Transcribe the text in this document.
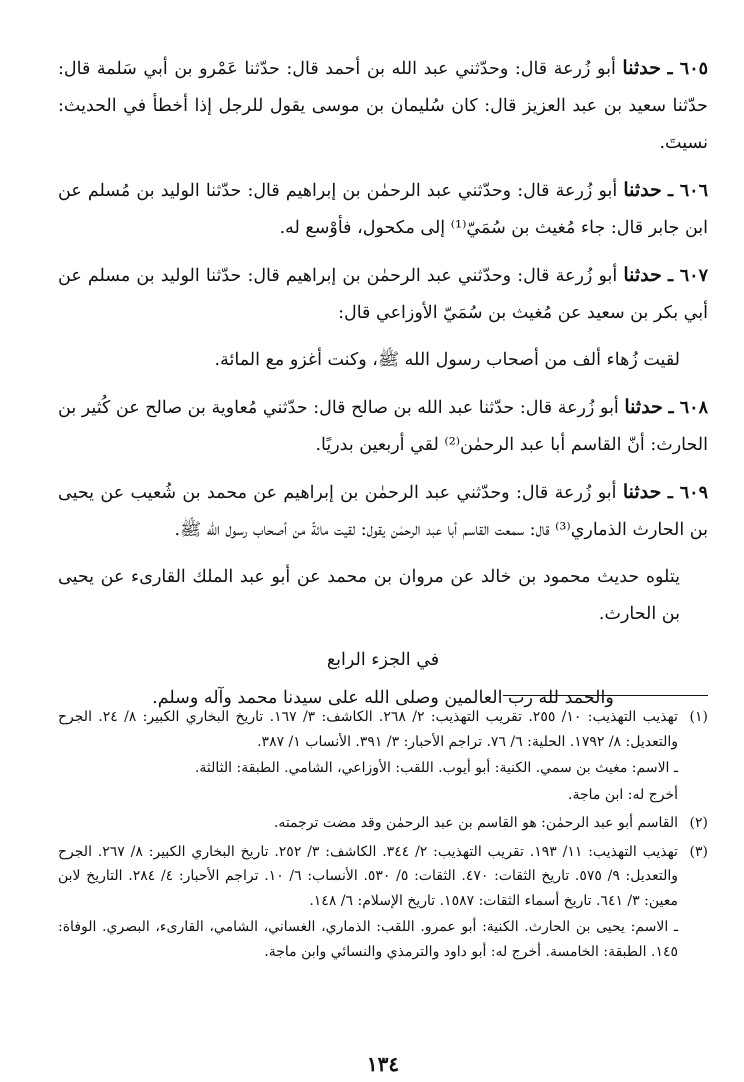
٦٠٥ ـ حدثنا أبو زُرعة قال: وحدّثني عبد الله بن أحمد قال: حدّثنا عَمْرو بن أبي سَلمة قال: حدّثنا سعيد بن عبد العزيز قال: كان سُليمان بن موسى يقول للرجل إذا أخطأ في الحديث: نسيتَ.

٦٠٦ ـ حدثنا أبو زُرعة قال: وحدّثني عبد الرحمٰن بن إبراهيم قال: حدّثنا الوليد بن مُسلم عن ابن جابر قال: جاء مُغيث بن سُمَيّ⁽¹⁾ إلى مكحول، فأوْسع له.

٦٠٧ ـ حدثنا أبو زُرعة قال: وحدّثني عبد الرحمٰن بن إبراهيم قال: حدّثنا الوليد بن مسلم عن أبي بكر بن سعيد عن مُغيث بن سُمَيّ الأوزاعي قال:

لقيت زُهاء ألف من أصحاب رسول الله ﷺ، وكنت أغزو مع المائة.

٦٠٨ ـ حدثنا أبو زُرعة قال: حدّثنا عبد الله بن صالح قال: حدّثني مُعاوية بن صالح عن كُثير بن الحارث: أنّ القاسم أبا عبد الرحمٰن⁽²⁾ لقي أربعين بدريًا.

٦٠٩ ـ حدثنا أبو زُرعة قال: وحدّثني عبد الرحمٰن بن إبراهيم عن محمد بن شُعيب عن يحيى بن الحارث الذماري⁽³⁾ قال: سمعت القاسم أبا عبد الرحمٰن يقول: لقيت مائةً من أصحاب رسول الله ﷺ.

يتلوه حديث محمود بن خالد عن مروان بن محمد عن أبو عبد الملك القارىء عن يحيى بن الحارث.

في الجزء الرابع

والحمد لله رب العالمين وصلى الله على سيدنا محمد وآله وسلم.

(١)
تهذيب التهذيب: ١٠/ ٢٥٥. تقريب التهذيب: ٢/ ٢٦٨. الكاشف: ٣/ ١٦٧. تاريخ البخاري الكبير: ٨/ ٢٤. الجرح والتعديل: ٨/ ١٧٩٢. الحلية: ٦/ ٧٦. تراجم الأحبار: ٣/ ٣٩١. الأنساب ١/ ٣٨٧.
ـ الاسم: مغيث بن سمي. الكنية: أبو أيوب. اللقب: الأوزاعي، الشامي. الطبقة: الثالثة.
أخرج له: ابن ماجة.
(٢)
القاسم أبو عبد الرحمٰن: هو القاسم بن عبد الرحمٰن وقد مضت ترجمته.
(٣)
تهذيب التهذيب: ١١/ ١٩٣. تقريب التهذيب: ٢/ ٣٤٤. الكاشف: ٣/ ٢٥٢. تاريخ البخاري الكبير: ٨/ ٢٦٧. الجرح والتعديل: ٩/ ٥٧٥. تاريخ الثقات: ٤٧٠. الثقات: ٥/ ٥٣٠. الأنساب: ٦/ ١٠. تراجم الأحبار: ٤/ ٢٨٤. التاريخ لابن معين: ٣/ ٦٤١. تاريخ أسماء الثقات: ١٥٨٧. تاريخ الإسلام: ٦/ ١٤٨.
ـ الاسم: يحيى بن الحارث. الكنية: أبو عمرو. اللقب: الذماري، الغساني، الشامي، القارىء، البصري. الوفاة: ١٤٥. الطبقة: الخامسة. أخرج له: أبو داود والترمذي والنسائي وابن ماجة.
١٣٤
